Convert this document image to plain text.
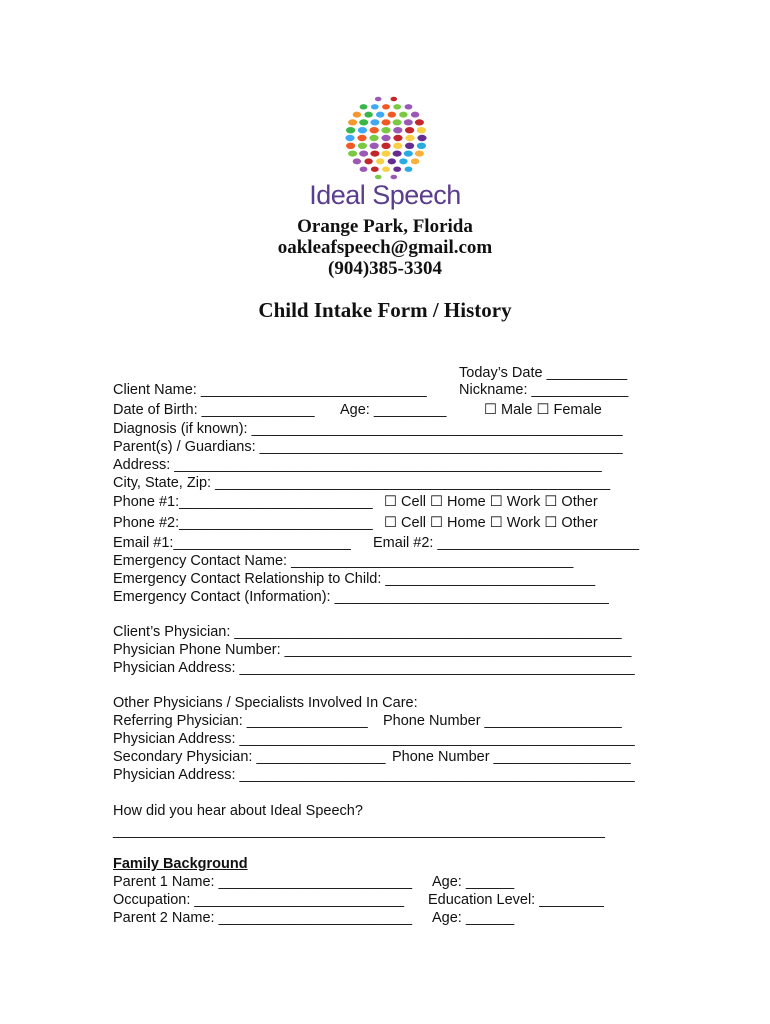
Ideal Speech
Orange Park, Florida
oakleafspeech@gmail.com
(904)385-3304
Child Intake Form / History
Today’s Date __________
Client Name: ____________________________ Nickname: ____________
Date of Birth: ______________ Age: _________	☐ Male ☐ Female
Diagnosis (if known): ______________________________________________
Parent(s) / Guardians: _____________________________________________
Address: _____________________________________________________
City, State, Zip: _________________________________________________
Phone #1:________________________ ☐ Cell ☐ Home ☐ Work ☐ Other
Phone #2:________________________ ☐ Cell ☐ Home ☐ Work ☐ Other
Email #1:______________________ Email #2: _________________________
Emergency Contact Name: ___________________________________
Emergency Contact Relationship to Child: __________________________
Emergency Contact (Information): __________________________________
Client’s Physician: ________________________________________________
Physician Phone Number: ___________________________________________
Physician Address: _________________________________________________
Other Physicians / Specialists Involved In Care:
Referring Physician: _______________ Phone Number _________________
Physician Address: _________________________________________________
Secondary Physician: ________________ Phone Number _________________
Physician Address: _________________________________________________
How did you hear about Ideal Speech?
_____________________________________________________________
Family Background
Parent 1 Name: ________________________ Age: ______
Occupation: __________________________ Education Level: ________
Parent 2 Name: ________________________ Age: ______
